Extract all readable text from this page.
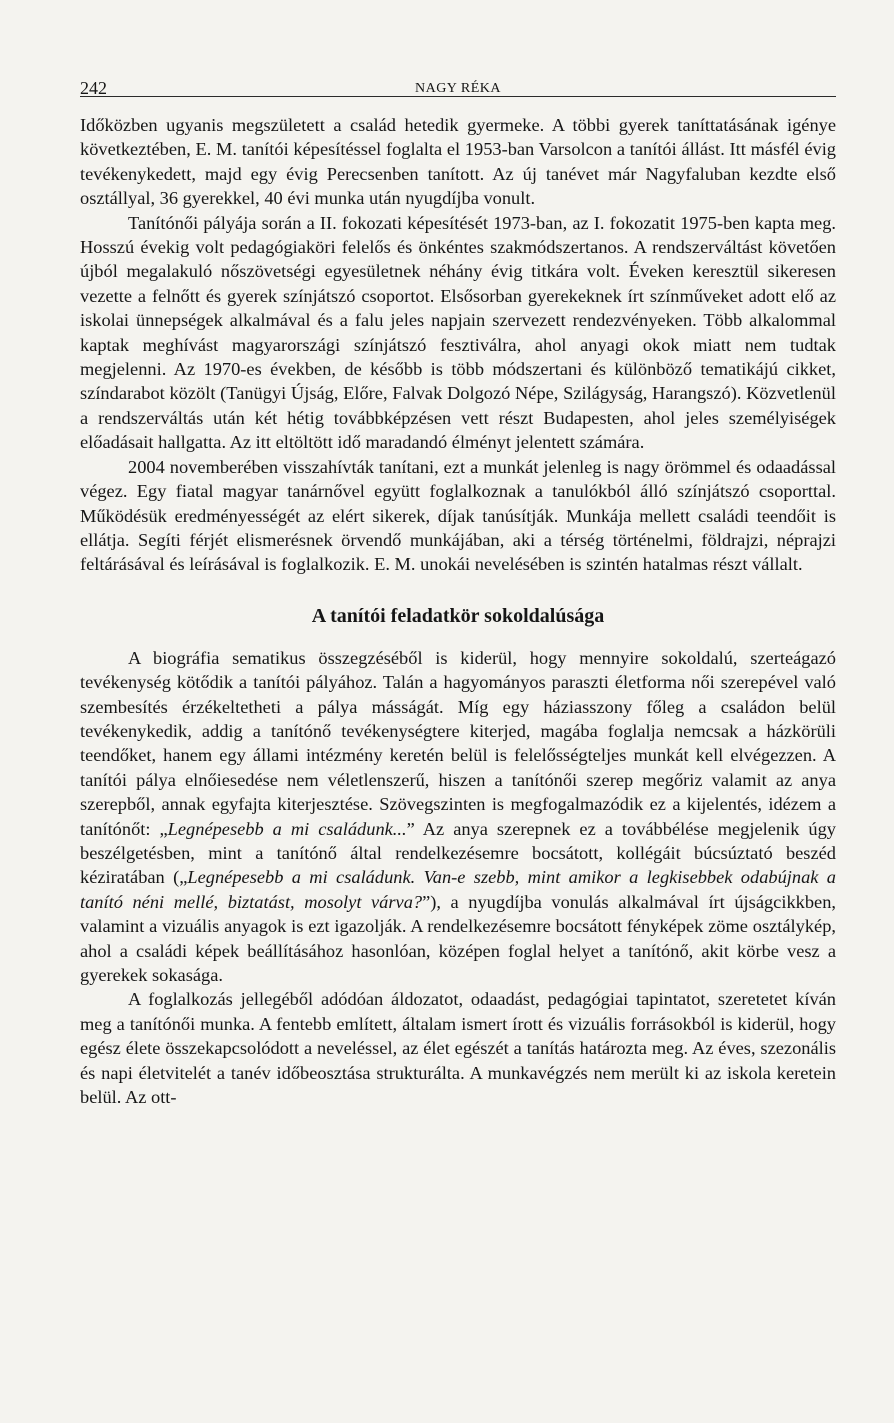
242	NAGY RÉKA

Időközben ugyanis megszületett a család hetedik gyermeke. A többi gyerek taníttatásának igénye következtében, E. M. tanítói képesítéssel foglalta el 1953-ban Varsolcon a tanítói állást. Itt másfél évig tevékenykedett, majd egy évig Perecsenben tanított. Az új tanévet már Nagyfaluban kezdte első osztállyal, 36 gyerekkel, 40 évi munka után nyugdíjba vonult.

Tanítónői pályája során a II. fokozati képesítését 1973-ban, az I. fokozatit 1975-ben kapta meg. Hosszú évekig volt pedagógiaköri felelős és önkéntes szakmódszertanos. A rendszerváltást követően újból megalakuló nőszövetségi egyesületnek néhány évig titkára volt. Éveken keresztül sikeresen vezette a felnőtt és gyerek színjátszó csoportot. Elsősorban gyerekeknek írt színműveket adott elő az iskolai ünnepségek alkalmával és a falu jeles napjain szervezett rendezvényeken. Több alkalommal kaptak meghívást magyarországi színjátszó fesztiválra, ahol anyagi okok miatt nem tudtak megjelenni. Az 1970-es években, de később is több módszertani és különböző tematikájú cikket, színdarabot közölt (Tanügyi Újság, Előre, Falvak Dolgozó Népe, Szilágyság, Harangszó). Közvetlenül a rendszerváltás után két hétig továbbképzésen vett részt Budapesten, ahol jeles személyiségek előadásait hallgatta. Az itt eltöltött idő maradandó élményt jelentett számára.

2004 novemberében visszahívták tanítani, ezt a munkát jelenleg is nagy örömmel és odaadással végez. Egy fiatal magyar tanárnővel együtt foglalkoznak a tanulókból álló színjátszó csoporttal. Működésük eredményességét az elért sikerek, díjak tanúsítják. Munkája mellett családi teendőit is ellátja. Segíti férjét elismerésnek örvendő munkájában, aki a térség történelmi, földrajzi, néprajzi feltárásával és leírásával is foglalkozik. E. M. unokái nevelésében is szintén hatalmas részt vállalt.

A tanítói feladatkör sokoldalúsága

A biográfia sematikus összegzéséből is kiderül, hogy mennyire sokoldalú, szerteágazó tevékenység kötődik a tanítói pályához. Talán a hagyományos paraszti életforma női szerepével való szembesítés érzékeltetheti a pálya másságát. Míg egy háziasszony főleg a családon belül tevékenykedik, addig a tanítónő tevékenységtere kiterjed, magába foglalja nemcsak a házkörüli teendőket, hanem egy állami intézmény keretén belül is felelősségteljes munkát kell elvégezzen. A tanítói pálya elnőiesedése nem véletlenszerű, hiszen a tanítónői szerep megőriz valamit az anya szerepből, annak egyfajta kiterjesztése. Szövegszinten is megfogalmazódik ez a kijelentés, idézem a tanítónőt: „Legnépesebb a mi családunk...” Az anya szerepnek ez a továbbélése megjelenik úgy beszélgetésben, mint a tanítónő által rendelkezésemre bocsátott, kollégáit búcsúztató beszéd kéziratában („Legnépesebb a mi családunk. Van-e szebb, mint amikor a legkisebbek odabújnak a tanító néni mellé, biztatást, mosolyt várva?”), a nyugdíjba vonulás alkalmával írt újságcikkben, valamint a vizuális anyagok is ezt igazolják. A rendelkezésemre bocsátott fényképek zöme osztálykép, ahol a családi képek beállításához hasonlóan, középen foglal helyet a tanítónő, akit körbe vesz a gyerekek sokasága.

A foglalkozás jellegéből adódóan áldozatot, odaadást, pedagógiai tapintatot, szeretetet kíván meg a tanítónői munka. A fentebb említett, általam ismert írott és vizuális forrásokból is kiderül, hogy egész élete összekapcsolódott a neveléssel, az élet egészét a tanítás határozta meg. Az éves, szezonális és napi életvitelét a tanév időbeosztása strukturálta. A munkavégzés nem merült ki az iskola keretein belül. Az ott-
